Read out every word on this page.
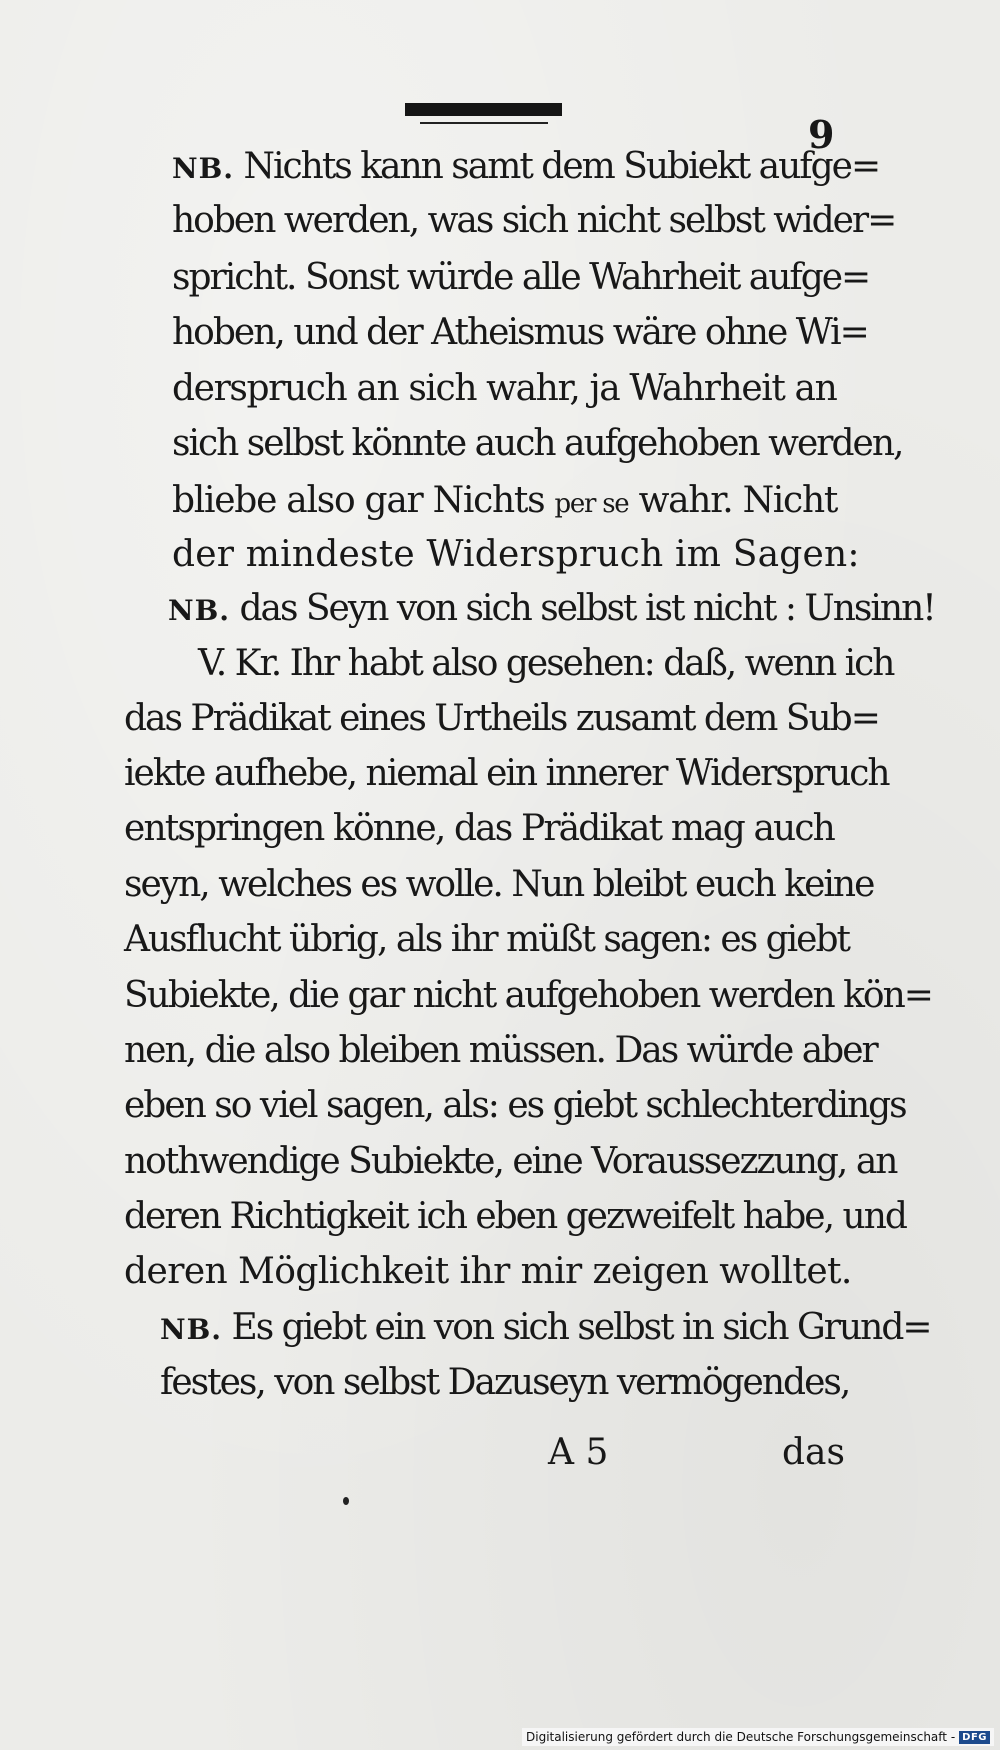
9
NB. Nichts kann samt dem Subiekt aufge=
hoben werden, was sich nicht selbst wider=
spricht. Sonst würde alle Wahrheit aufge=
hoben, und der Atheismus wäre ohne Wi=
derspruch an sich wahr, ja Wahrheit an
sich selbst könnte auch aufgehoben werden,
bliebe also gar Nichts per se wahr. Nicht
der mindeste Widerspruch im Sagen:
NB. das Seyn von sich selbst ist nicht : Unsinn!
V. Kr. Ihr habt also gesehen: daß, wenn ich
das Prädikat eines Urtheils zusamt dem Sub=
iekte aufhebe, niemal ein innerer Widerspruch
entspringen könne, das Prädikat mag auch
seyn, welches es wolle. Nun bleibt euch keine
Ausflucht übrig, als ihr müßt sagen: es giebt
Subiekte, die gar nicht aufgehoben werden kön=
nen, die also bleiben müssen. Das würde aber
eben so viel sagen, als: es giebt schlechterdings
nothwendige Subiekte, eine Voraussezzung, an
deren Richtigkeit ich eben gezweifelt habe, und
deren Möglichkeit ihr mir zeigen wolltet.
NB. Es giebt ein von sich selbst in sich Grund=
festes, von selbst Dazuseyn vermögendes,
A 5	das
Digitalisierung gefördert durch die Deutsche Forschungsgemeinschaft - DFG
